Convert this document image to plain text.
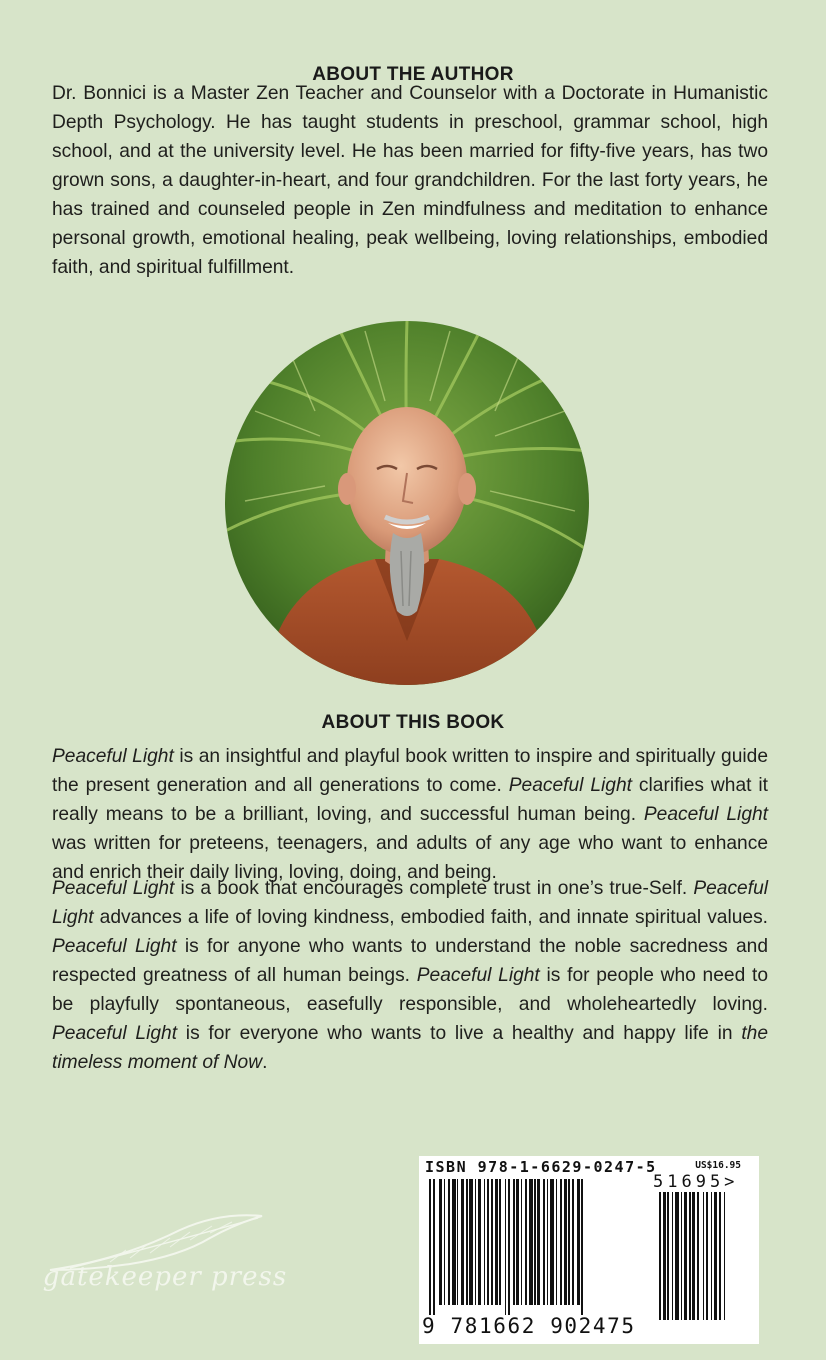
ABOUT THE AUTHOR
Dr. Bonnici is a Master Zen Teacher and Counselor with a Doctorate in Humanistic Depth Psychology. He has taught students in preschool, grammar school, high school, and at the university level. He has been married for fifty-five years, has two grown sons, a daughter-in-heart, and four grandchildren. For the last forty years, he has trained and counseled people in Zen mindfulness and meditation to enhance personal growth, emotional healing, peak wellbeing, loving relationships, embodied faith, and spiritual fulfillment.
ABOUT THIS BOOK
Peaceful Light is an insightful and playful book written to inspire and spiritually guide the present generation and all generations to come. Peaceful Light clarifies what it really means to be a brilliant, loving, and successful human being. Peaceful Light was written for preteens, teenagers, and adults of any age who want to enhance and enrich their daily living, loving, doing, and being.
Peaceful Light is a book that encourages complete trust in one’s true-Self. Peaceful Light advances a life of loving kindness, embodied faith, and innate spiritual values. Peaceful Light is for anyone who wants to understand the noble sacredness and respected greatness of all human beings. Peaceful Light is for people who need to be playfully spontaneous, easefully responsible, and wholeheartedly loving. Peaceful Light is for everyone who wants to live a healthy and happy life in the timeless moment of Now.
gatekeeper press
ISBN 978-1-6629-0247-5	US$16.95
51695>
9 781662 902475
